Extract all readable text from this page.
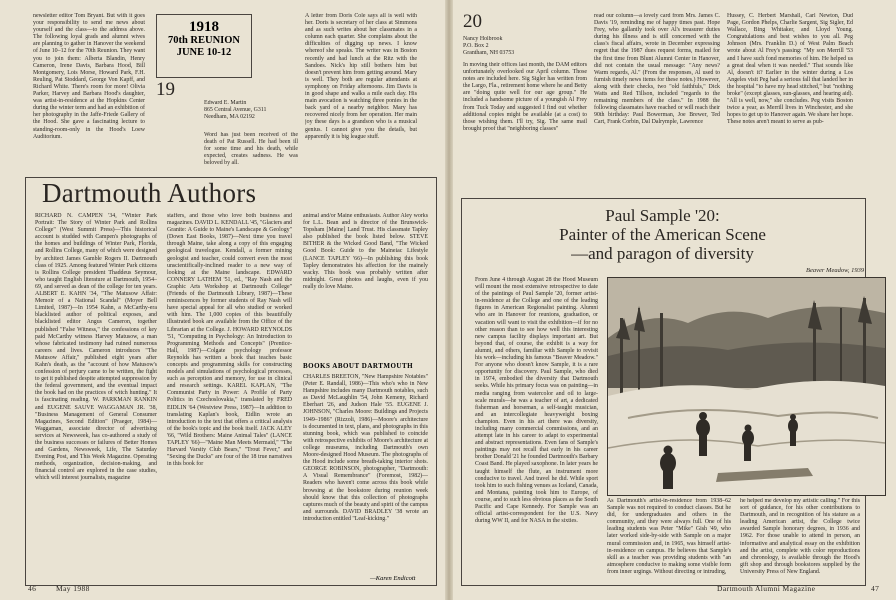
newsletter editor Tom Bryant. But with it goes your responsibility to send me news about yourself and the class—to the address above. The following loyal grads and alumni wives are planning to gather in Hanover the weekend of June 10–12 for the 70th Reunion. They want you to join them: Alberta Blandin, Henry Cameron, Irene Davis, Barbara Hood, Bill Montgomery, Lois Morse, Howard Park, F.H. Reuling, Pat Stoddard, George Von Kapff, and Richard White. There's room for more! Olivia Parker, Harvey and Barbara Hood's daughter, was artist-in-residence at the Hopkins Center during the winter term and had an exhibition of her photography in the Jaffe-Friede Gallery of the Hood. She gave a fascinating lecture to standing-room-only in the Hood's Loew Auditorium.
1918
70th REUNION
JUNE 10-12
19
Edward E. Martin
865 Central Avenue, G311
Needham, MA 02192
Word has just been received of the death of Pat Russell. He had been ill for some time and his death, while expected, creates sadness. He was beloved by all.
A letter from Doris Cole says all is well with her. Doris is secretary of her class at Simmons and as such writes about her classmates in a column each quarter. She complains about the difficulties of digging up news. I know whereof she speaks. The writer was in Boston recently and had lunch at the Ritz with the Sandoes. Nick's hip still bothers him but doesn't prevent him from getting around. Mary is well. They both are regular attendants at symphony on Friday afternoons. Jim Davis is in good shape and walks a mile each day. His main avocation is watching three ponies in the back yard of a nearby neighbor. Mary has recovered nicely from her operation. Her main joy these days is a grandson who is a musical genius. I cannot give you the details, but apparently it is big league stuff.
Dartmouth Authors
RICHARD N. CAMPEN '34, "Winter Park Portrait: The Story of Winter Park and Rollins College" (West Summit Press)—This historical account is studded with Campen's photographs of the homes and buildings of Winter Park, Florida, and Rollins College, many of which were designed by architect James Gamble Rogers II. Dartmouth class of 1925. Among featured Winter Park citizens is Rollins College president Thaddeus Seymour, who taught English literature at Dartmouth, 1954–69, and served as dean of the college for ten years. ALBERT E. KAHN '34, "The Matusow Affair: Memoir of a National Scandal" (Moyer Bell Limited, 1987)—In 1954 Kahn, a McCarthy-era blacklisted author of political exposes, and blacklisted editor Angus Cameron, together published "False Witness," the confessions of key paid McCarthy witness Harvey Matusow, a man whose fabricated testimony had ruined numerous careers and lives. Cameron introduces "The Matusow Affair," published eight years after Kahn's death, as the "account of how Matusow's confession of perjury came to be written, the fight to get it published despite attempted suppression by the federal government, and the eventual impact the book had on the practices of witch hunting." It is fascinating reading. W. PARKMAN RANKIN and EUGENE SAUVE WAGGAMAN JR. '38, "Business Management of General Consumer Magazines, Second Edition" (Praeger, 1984)—Waggaman, associate director of advertising services at Newsweek, has co-authored a study of the business successes or failures of Better Homes and Gardens, Newsweek, Life, The Saturday Evening Post, and This Week Magazine. Operating methods, organization, decision-making, and financial control are explored in the case studies, which will interest journalists, magazine
staffers, and those who love both business and magazines. DAVID L. KENDALL '45, "Glaciers and Granite: A Guide to Maine's Landscape & Geology" (Down East Books, 1987)—Next time you travel through Maine, take along a copy of this engaging geological travelogue. Kendall, a former mining geologist and teacher, could convert even the most unscientifically-inclined reader to a new way of looking at the Maine landscape. EDWARD CONNERY LATHEM '51, ed., "Ray Nash and the Graphic Arts Workshop at Dartmouth College" (Friends of the Dartmouth Library, 1987)—These reminiscences by former students of Ray Nash will have special appeal for all who studied or worked with him. The 1,000 copies of this beautifully illustrated book are available from the Office of the Librarian at the College. J. HOWARD REYNOLDS '51, "Computing in Psychology: An Introduction to Programming Methods and Concepts" (Prentice-Hall, 1987)—Colgate psychology professor Reynolds has written a book that teaches basic concepts and programming skills for constructing models and simulations of psychological processes, such as perception and memory, for use in clinical and research settings. KAREL KAPLAN, "The Communist Party in Power: A Profile of Party Politics in Czechoslovakia," translated by FRED EIDLIN '64 (Westview Press, 1987)—In addition to translating Kaplan's book, Eidlin wrote an introduction to the text that offers a critical analysis of the book's topic and the book itself. JACK ALEY '66, "Wild Brothers: Maine Animal Tales" (LANCE TAPLEY '66)—"Maine Man Meets Mermaid," "The Harvard Varsity Club Bears," "Trout Fever," and "Sexing the Ducks" are four of the 18 true narratives in this book for
animal and/or Maine enthusiasts. Author Aley works for L.L. Bean and is director of the Brunswick-Topsham [Maine] Land Trust. His classmate Tapley also published the book listed below. STEVE BITHER & the Wicked Good Band, "The Wicked Good Book: Guide to the Maineiac Lifestyle (LANCE TAPLEY '66)—In publishing this book Tapley demonstrates his affection for the mainely wacky. This book was probably written after midnight. Great photos and laughs, even if you really do love Maine.
BOOKS ABOUT DARTMOUTH
CHARLES BREETON, "New Hampshire Notables" (Peter E. Randall, 1986)—This who's who in New Hampshire includes many Dartmouth notables, such as David McLaughlin '54, John Kemeny, Richard Eberhart '26, and Judson Hale '55. EUGENE J. JOHNSON, "Charles Moore: Buildings and Projects 1949–1986" (Rizzoli, 1986)—Moore's architecture is documented in text, plans, and photographs in this stunning book, which was published to coincide with retrospective exhibits of Moore's architecture at college museums, including Dartmouth's own Moore-designed Hood Museum. The photographs of the Hood include some breath-taking interior shots. GEORGE ROBINSON, photographer, "Dartmouth: A Visual Remembrance" (Foremost, 1982)—Readers who haven't come across this book while browsing at the bookstore during reunion week should know that this collection of photographs captures much of the beauty and spirit of the campus and surrounds. DAVID BRADLEY '38 wrote an introduction entitled "Leaf-kicking."
—Karen Endicott
46	May 1988
20
Nancy Holbrook
P.O. Box 2
Grantham, NH 03753
In moving their offices last month, the DAM editors unfortunately overlooked our April column. Those notes are included here. Sig Sigler has written from the Largo, Fla., retirement home where he and Betty are "doing quite well for our age group." He included a handsome picture of a youngish Al Frey from Tuck Today and suggested I find out whether additional copies might be available (at a cost) to those wishing them. I'll try, Sig. The same mail brought proof that "neighboring classes"
read our column—a lovely card from Mrs. James C. Davis '19, reminding me of happy times past. Hope Frey, who gallantly took over Al's treasurer duties during his illness and is still concerned with the class's fiscal affairs, wrote in December expressing regret that the 1987 dues request forms, mailed for the first time from Blunt Alumni Center in Hanover, did not contain the usual message: "Any news? Warm regards, Al." (From the responses, Al used to furnish timely news items for these notes.) However, along with their checks, two "old faithfuls," Dick Watts and Red Tillson, included "regards to the remaining members of the class." In 1988 the following classmates have reached or will reach their 90th birthday: Paul Bowerman, Joe Brewer, Ted Cart, Frank Corbin, Dal Dalrymple, Lawrence
Hussey, C. Herbert Marshall, Carl Newton, Dud Page, Gordon Phelps, Charlie Sargent, Sig Sigler, Ed Wallace, Bing Whitaker, and Lloyd Young. Congratulations and best wishes to you all. Peg Johnson (Mrs. Franklin D.) of West Palm Beach wrote about Al Frey's passing: "My son Merrill '53 and I have such fond memories of him. He helped us a great deal when it was needed." That sounds like Al, doesn't it? Earlier in the winter during a Los Angeles visit Peg had a serious fall that landed her in the hospital "to have my head stitched," but "nothing broke" (except glasses, sun-glasses, and hearing aid). "All is well, now," she concludes. Peg visits Boston twice a year, as Merrill lives in Winchester, and she hopes to get up to Hanover again. We share her hope. These notes aren't meant to serve as pub-
Paul Sample '20:
Painter of the American Scene
—and paragon of diversity
Beaver Meadow, 1939
From June 4 through August 28 the Hood Museum will mount the most extensive retrospective to date of the paintings of Paul Sample '20, former artist-in-residence at the College and one of the leading figures in American Regionalist painting. Alumni who are in Hanover for reunions, graduation, or vacation will want to visit the exhibition—if for no other reason than to see how well this interesting new campus facility displays important art. But beyond that, of course, the exhibit is a way for alumni, and others, familiar with Sample to revisit his work—including his famous "Beaver Meadow." For anyone who doesn't know Sample, it is a rare opportunity for discovery. Paul Sample, who died in 1974, embodied the diversity that Dartmouth seeks. While his primary focus was on painting—in media ranging from watercolor and oil to large-scale murals—he was a teacher of art, a dedicated fisherman and horseman, a self-taught musician, and an intercollegiate heavyweight boxing champion. Even in his art there was diversity, including many commercial commissions, and an attempt late in his career to adapt to experimental and abstract representations. Even fans of Sample's paintings may not recall that early in his career brother Donald '21 he founded Dartmouth's Barbary Coast Band. He played saxophone. In later years he taught himself the flute, an instrument more conducive to travel. And travel he did. While sport took him to such fishing venues as Iceland, Canada, and Montana, painting took him to Europe, of course, and to such less obvious places as the South Pacific and Cape Kennedy. For Sample was an official artist-correspondent for the U.S. Navy during WW II, and for NASA in the sixties.
As Dartmouth's artist-in-residence from 1938–62 Sample was not required to conduct classes. But he did, for undergraduates and others in the community, and they were always full. One of his leading students was Peter "Mike" Gish '49, who later worked side-by-side with Sample on a major mural commission and, in 1965, was himself artist-in-residence on campus. He believes that Sample's skill as a teacher was providing students with "an atmosphere conducive to making some visible form from inner urgings. Without directing or intruding,
he helped me develop my artistic calling." For this sort of guidance, for his other contributions to Dartmouth, and in recognition of his stature as a leading American artist, the College twice awarded Sample honorary degrees, in 1936 and 1962. For those unable to attend in person, an informative and analytical essay on the exhibition and the artist, complete with color reproductions and chronology, is available through the Hood's gift shop and through bookstores supplied by the University Press of New England.
Dartmouth Alumni Magazine	47
